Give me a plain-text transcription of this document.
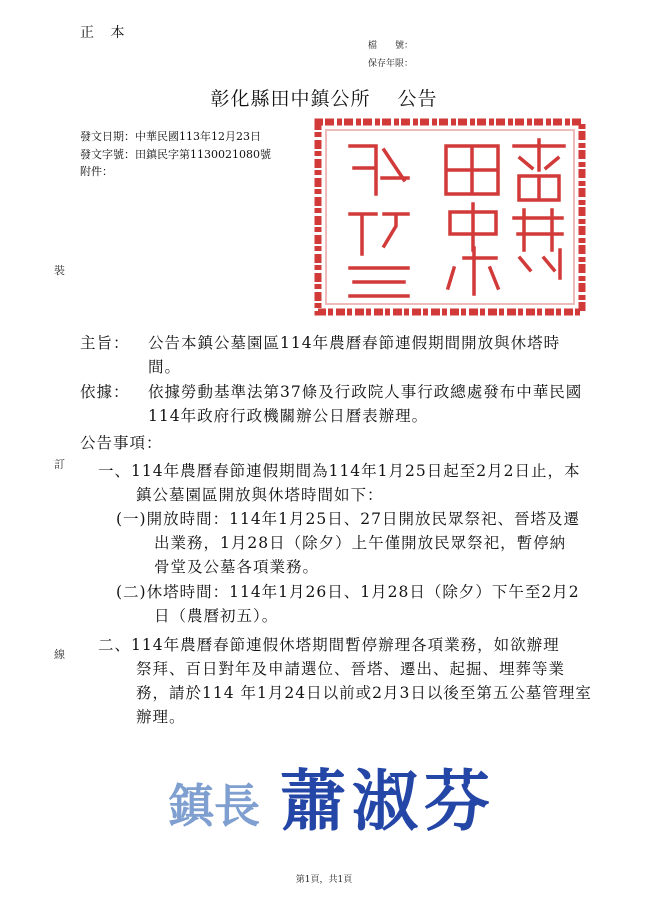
正 本
檔　　號：
保存年限：
彰化縣田中鎮公所　 公告
發文日期：中華民國113年12月23日
發文字號：田鎮民字第1130021080號
附件：
裝
訂
線
主旨： 公告本鎮公墓園區114年農曆春節連假期間開放與休塔時
間。
依據： 依據勞動基準法第37條及行政院人事行政總處發布中華民國
114年政府行政機關辦公日曆表辦理。
公告事項：
一、114年農曆春節連假期間為114年1月25日起至2月2日止，本
鎮公墓園區開放與休塔時間如下：
(一)開放時間：114年1月25日、27日開放民眾祭祀、晉塔及遷
出業務，1月28日（除夕）上午僅開放民眾祭祀，暫停納
骨堂及公墓各項業務。
(二)休塔時間：114年1月26日、1月28日（除夕）下午至2月2
日（農曆初五）。
二、114年農曆春節連假休塔期間暫停辦理各項業務，如欲辦理
祭拜、百日對年及申請選位、晉塔、遷出、起掘、埋葬等業
務，請於114 年1月24日以前或2月3日以後至第五公墓管理室
辦理。
鎮長 蕭淑芬
第1頁，共1頁
